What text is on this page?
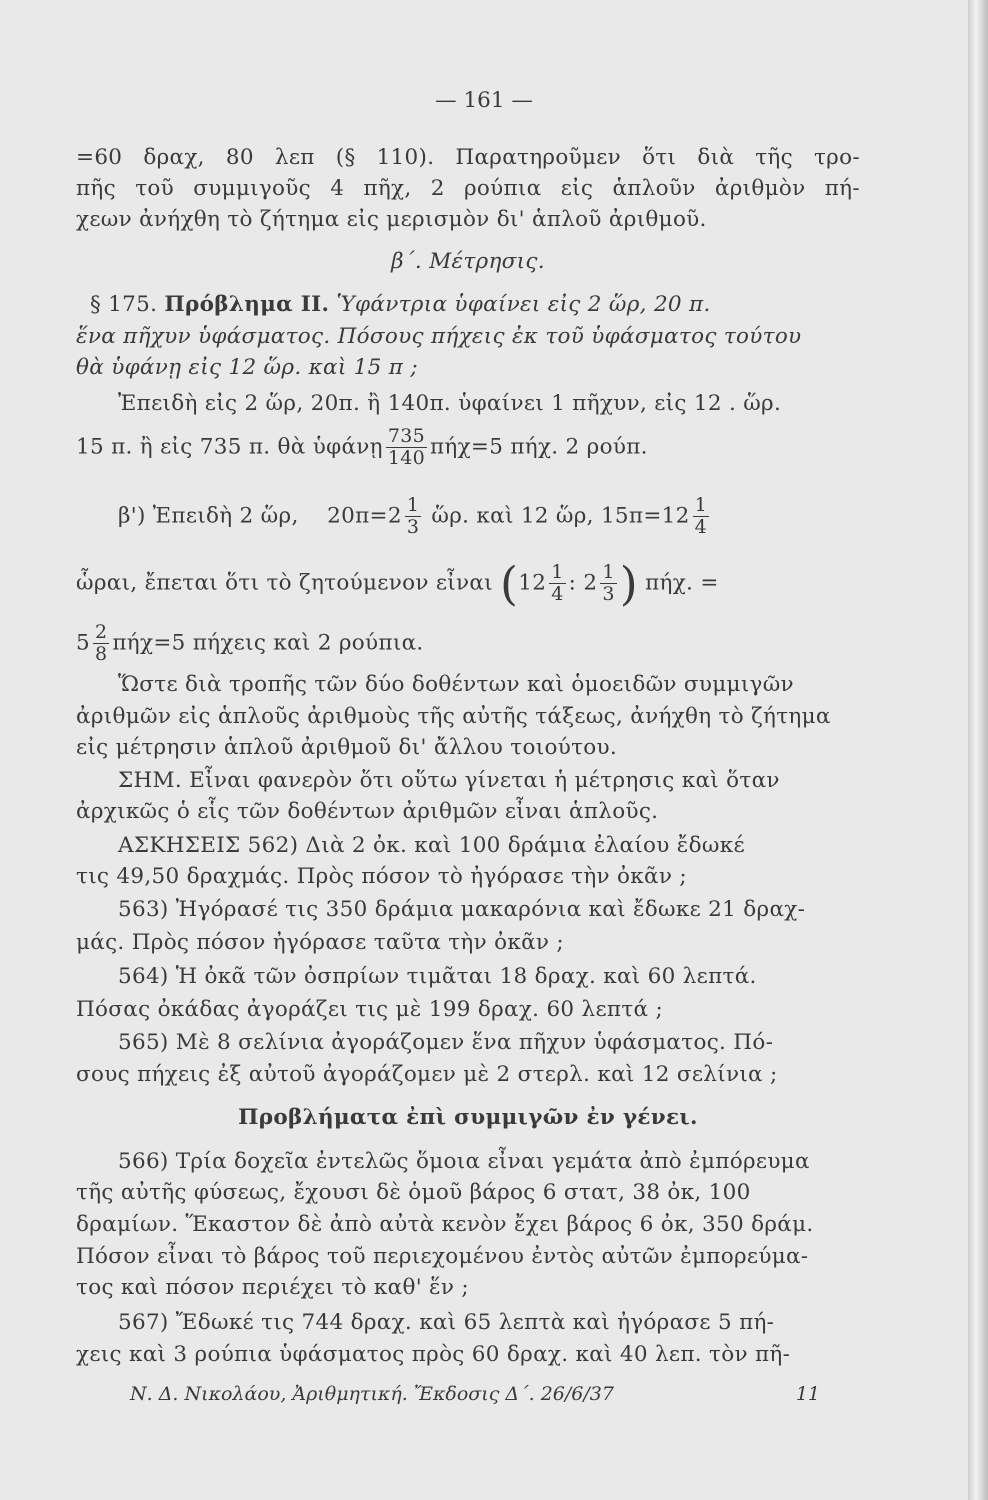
— 161 —
=60 δραχ, 80 λεπ (§ 110). Παρατηροῦμεν ὅτι διὰ τῆς τρο-
πῆς τοῦ συμμιγοῦς 4 πῆχ, 2 ρούπια εἰς ἁπλοῦν ἀριθμὸν πή-
χεων ἀνήχθη τὸ ζήτημα εἰς μερισμὸν δι' ἁπλοῦ ἀριθμοῦ.
β΄. Μέτρησις.
§ 175. Πρόβλημα ΙΙ. Ὑφάντρια ὑφαίνει εἰς 2 ὥρ, 20 π.
ἕνα πῆχυν ὑφάσματος. Πόσους πήχεις ἐκ τοῦ ὑφάσματος τούτου
θὰ ὑφάνῃ εἰς 12 ὥρ. καὶ 15 π ;
Ἐπειδὴ εἰς 2 ὥρ, 20π. ἢ 140π. ὑφαίνει 1 πῆχυν, εἰς 12 . ὥρ.
15 π. ἢ εἰς 735 π. θὰ ὑφάνῃ $\frac{735}{140} \pi ή\chi=5$ πήχ. 2 ρούπ.
β') Ἐπειδὴ 2 ὥρ, $20\pi=2 \frac{1}{3}$ ὥρ. καὶ 12 ὥρ, $15\pi=12 \frac{1}{4}$
ὧραι, ἔπεται ὅτι τὸ ζητούμενον εἶναι ($12 \frac{1}{4}$ : $2 \frac{1}{3}$ ) πήχ. =
$5 \frac{2}{8} \pi ή\chi=5$ πήχεις καὶ 2 ρούπια.
Ὥστε διὰ τροπῆς τῶν δύο δοθέντων καὶ ὁμοειδῶν συμμιγῶν
ἀριθμῶν εἰς ἁπλοῦς ἀριθμοὺς τῆς αὐτῆς τάξεως, ἀνήχθη τὸ ζήτημα
εἰς μέτρησιν ἁπλοῦ ἀριθμοῦ δι' ἄλλου τοιούτου.
ΣΗΜ. Εἶναι φανερὸν ὅτι οὕτω γίνεται ἡ μέτρησις καὶ ὅταν
ἀρχικῶς ὁ εἷς τῶν δοθέντων ἀριθμῶν εἶναι ἁπλοῦς.
ΑΣΚΗΣΕΙΣ 562) Διὰ 2 ὀκ. καὶ 100 δράμια ἐλαίου ἔδωκέ
τις 49,50 δραχμάς. Πρὸς πόσον τὸ ἠγόρασε τὴν ὀκᾶν ;
563) Ἠγόρασέ τις 350 δράμια μακαρόνια καὶ ἔδωκε 21 δραχ-
μάς. Πρὸς πόσον ἠγόρασε ταῦτα τὴν ὀκᾶν ;
564) Ἡ ὀκᾶ τῶν ὀσπρίων τιμᾶται 18 δραχ. καὶ 60 λεπτά.
Πόσας ὀκάδας ἀγοράζει τις μὲ 199 δραχ. 60 λεπτά ;
565) Μὲ 8 σελίνια ἀγοράζομεν ἕνα πῆχυν ὑφάσματος. Πό-
σους πήχεις ἐξ αὐτοῦ ἀγοράζομεν μὲ 2 στερλ. καὶ 12 σελίνια ;
Προβλήματα ἐπὶ συμμιγῶν ἐν γένει.
566) Τρία δοχεῖα ἐντελῶς ὅμοια εἶναι γεμάτα ἀπὸ ἐμπόρευμα
τῆς αὐτῆς φύσεως, ἔχουσι δὲ ὁμοῦ βάρος 6 στατ, 38 ὀκ, 100
δραμίων. Ἕκαστον δὲ ἀπὸ αὐτὰ κενὸν ἔχει βάρος 6 ὀκ, 350 δράμ.
Πόσον εἶναι τὸ βάρος τοῦ περιεχομένου ἐντὸς αὐτῶν ἐμπορεύμα-
τος καὶ πόσον περιέχει τὸ καθ' ἕν ;
567) Ἔδωκέ τις 744 δραχ. καὶ 65 λεπτὰ καὶ ἠγόρασε 5 πή-
χεις καὶ 3 ρούπια ὑφάσματος πρὸς 60 δραχ. καὶ 40 λεπ. τὸν πῆ-
Ν. Δ. Νικολάου, Ἀριθμητική. Ἔκδοσις Δ΄. 26/6/37	11
